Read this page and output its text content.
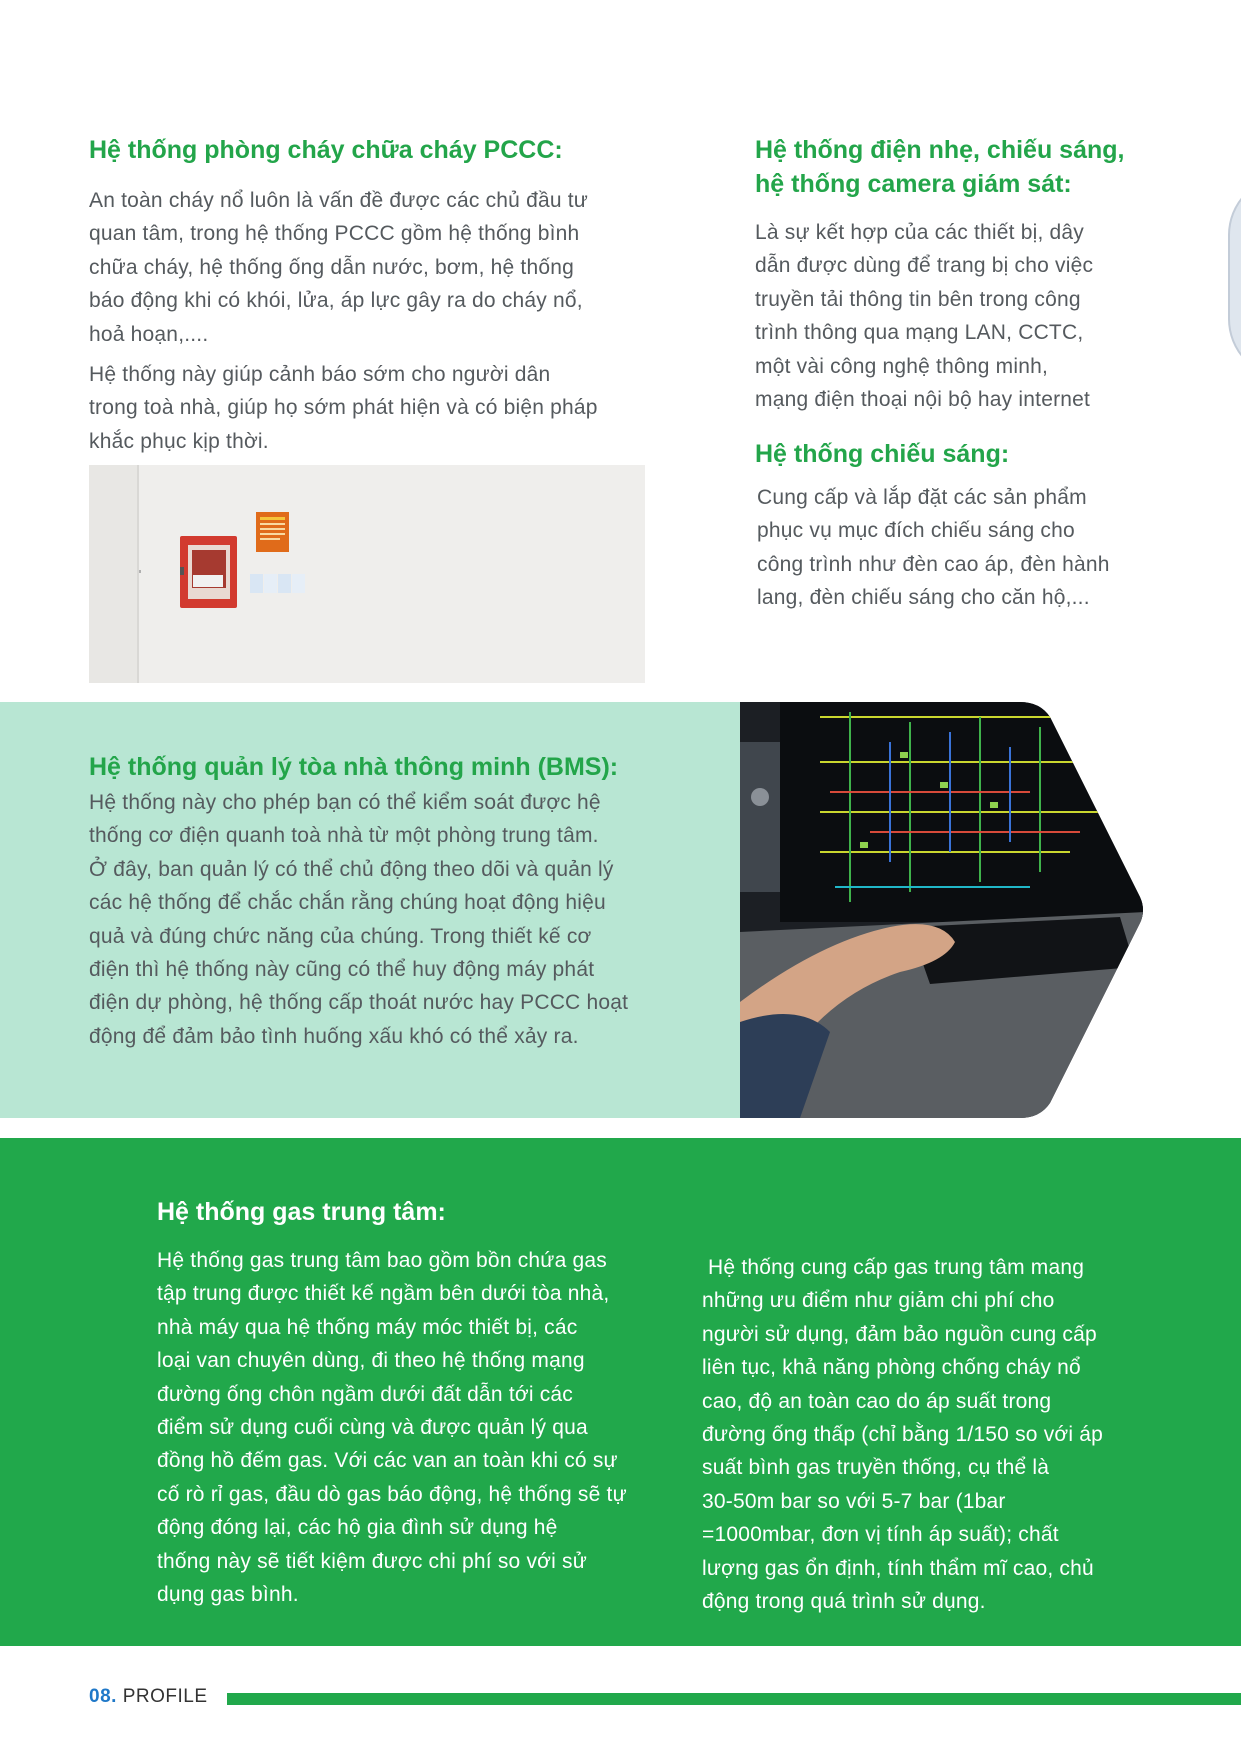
Hệ thống phòng cháy chữa cháy PCCC:

An toàn cháy nổ luôn là vấn đề được các chủ đầu tư
quan tâm, trong hệ thống PCCC gồm hệ thống bình
chữa cháy, hệ thống ống dẫn nước, bơm, hệ thống
báo động khi có khói, lửa, áp lực gây ra do cháy nổ,
hoả hoạn,....

Hệ thống này giúp cảnh báo sớm cho người dân
trong toà nhà, giúp họ sớm phát hiện và có biện pháp
khắc phục kịp thời.

Hệ thống điện nhẹ, chiếu sáng,
hệ thống camera giám sát:

Là sự kết hợp của các thiết bị, dây
dẫn được dùng để trang bị cho việc
truyền tải thông tin bên trong công
trình thông qua mạng LAN, CCTC,
một vài công nghệ thông minh,
mạng điện thoại nội bộ hay internet

Hệ thống chiếu sáng:

Cung cấp và lắp đặt các sản phẩm
phục vụ mục đích chiếu sáng cho
công trình như đèn cao áp, đèn hành
lang, đèn chiếu sáng cho căn hộ,...

Hệ thống quản lý tòa nhà thông minh (BMS):

Hệ thống này cho phép bạn có thể kiểm soát được hệ
thống cơ điện quanh toà nhà từ một phòng trung tâm.
Ở đây, ban quản lý có thể chủ động theo dõi và quản lý
các hệ thống để chắc chắn rằng chúng hoạt động hiệu
quả và đúng chức năng của chúng. Trong thiết kế cơ
điện thì hệ thống này cũng có thể huy động máy phát
điện dự phòng, hệ thống cấp thoát nước hay PCCC hoạt
động để đảm bảo tình huống xấu khó có thể xảy ra.

Hệ thống gas trung tâm:

Hệ thống gas trung tâm bao gồm bồn chứa gas
tập trung được thiết kế ngầm bên dưới tòa nhà,
nhà máy qua hệ thống máy móc thiết bị, các
loại van chuyên dùng, đi theo hệ thống mạng
đường ống chôn ngầm dưới đất dẫn tới các
điểm sử dụng cuối cùng và được quản lý qua
đồng hồ đếm gas. Với các van an toàn khi có sự
cố rò rỉ gas, đầu dò gas báo động, hệ thống sẽ tự
động đóng lại, các hộ gia đình sử dụng hệ
thống này sẽ tiết kiệm được chi phí so với sử
dụng gas bình.

Hệ thống cung cấp gas trung tâm mang
những ưu điểm như giảm chi phí cho
người sử dụng, đảm bảo nguồn cung cấp
liên tục, khả năng phòng chống cháy nổ
cao, độ an toàn cao do áp suất trong
đường ống thấp (chỉ bằng 1/150 so với áp
suất bình gas truyền thống, cụ thể là
30-50m bar so với 5-7 bar (1bar
=1000mbar, đơn vị tính áp suất); chất
lượng gas ổn định, tính thẩm mĩ cao, chủ
động trong quá trình sử dụng.

08. PROFILE
